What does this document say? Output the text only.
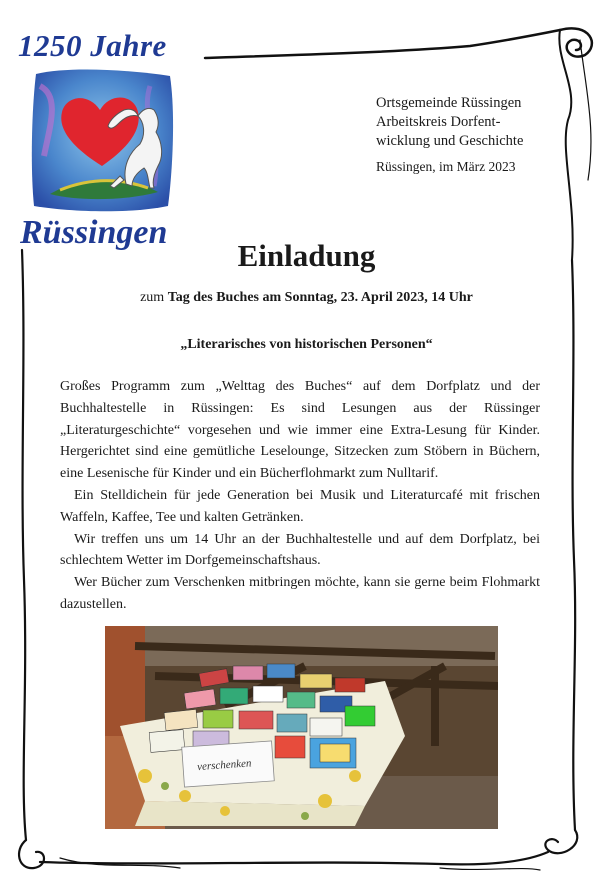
1250 Jahre
Rüssingen
Ortsgemeinde Rüssingen
Arbeitskreis Dorfent-
wicklung und Geschichte
Rüssingen, im März 2023
Einladung
zum Tag des Buches am Sonntag, 23. April 2023, 14 Uhr
„Literarisches von historischen Personen“

Großes Programm zum „Welttag des Buches“ auf dem Dorfplatz und der Buchhaltestelle in Rüssingen: Es sind Lesungen aus der Rüssinger „Literaturgeschichte“ vorgesehen und wie immer eine Extra-Lesung für Kinder. Hergerichtet sind eine gemütliche Leselounge, Sitzecken zum Stöbern in Büchern, eine Lesenische für Kinder und ein Bücherflohmarkt zum Nulltarif.

Ein Stelldichein für jede Generation bei Musik und Literaturcafé mit frischen Waffeln, Kaffee, Tee und kalten Getränken.

Wir treffen uns um 14 Uhr an der Buchhaltestelle und auf dem Dorfplatz, bei schlechtem Wetter im Dorfgemeinschaftshaus.

Wer Bücher zum Verschenken mitbringen möchte, kann sie gerne beim Flohmarkt dazustellen.

verschenken
